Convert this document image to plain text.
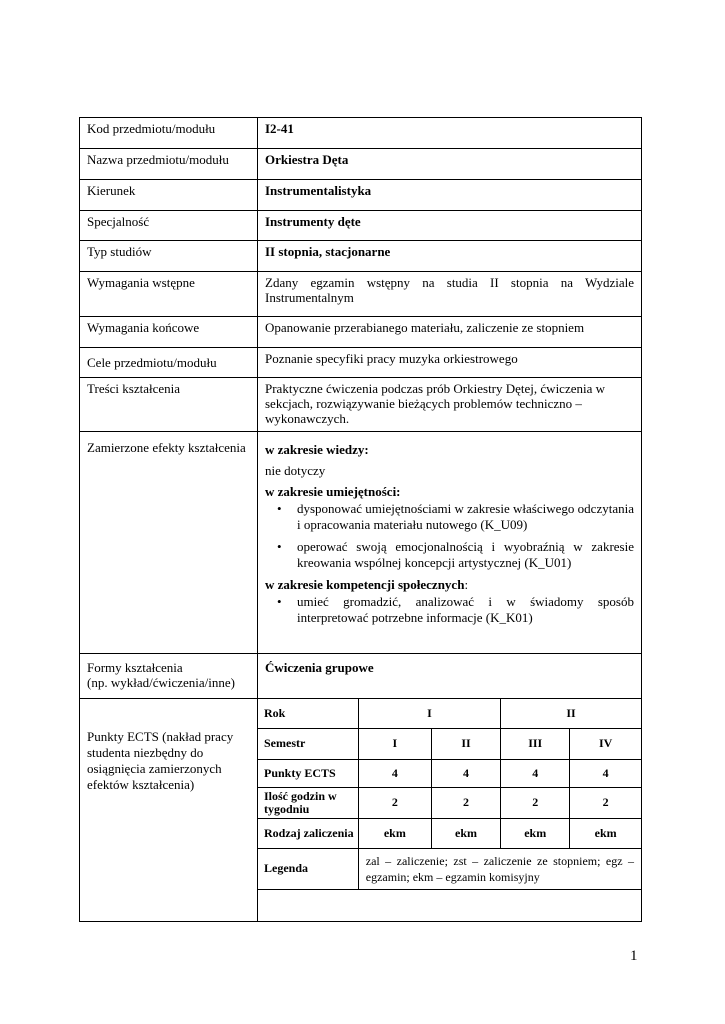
Kod przedmiotu/modułu	I2-41
Nazwa przedmiotu/modułu	Orkiestra Dęta
Kierunek	Instrumentalistyka
Specjalność	Instrumenty dęte
Typ studiów	II stopnia, stacjonarne
Wymagania wstępne	Zdany egzamin wstępny na studia II stopnia na Wydziale Instrumentalnym
Wymagania końcowe	Opanowanie przerabianego materiału, zaliczenie ze stopniem
Cele przedmiotu/modułu	Poznanie specyfiki pracy muzyka orkiestrowego
Treści kształcenia	Praktyczne ćwiczenia podczas prób Orkiestry Dętej, ćwiczenia w sekcjach, rozwiązywanie bieżących problemów techniczno – wykonawczych.
Zamierzone efekty kształcenia	w zakresie wiedzy:

nie dotyczy

w zakresie umiejętności:

• dysponować umiejętnościami w zakresie właściwego odczytania i opracowania materiału nutowego (K_U09)
• operować swoją emocjonalnością i wyobraźnią w zakresie kreowania wspólnej koncepcji artystycznej (K_U01)

w zakresie kompetencji społecznych:

• umieć gromadzić, analizować i w świadomy sposób interpretować potrzebne informacje (K_K01)

Formy kształcenia
(np. wykład/ćwiczenia/inne)
	Ćwiczenia grupowe
Punkty ECTS (nakład pracy studenta niezbędny do osiągnięcia zamierzonych efektów kształcenia)	
Rok	I	II
Semestr	I	II	III	IV
Punkty ECTS	4	4	4	4
Ilość godzin w tygodniu	2	2	2	2
Rodzaj zaliczenia	ekm	ekm	ekm	ekm
Legenda	zal – zaliczenie; zst – zaliczenie ze stopniem; egz – egzamin; ekm – egzamin komisyjny

1
